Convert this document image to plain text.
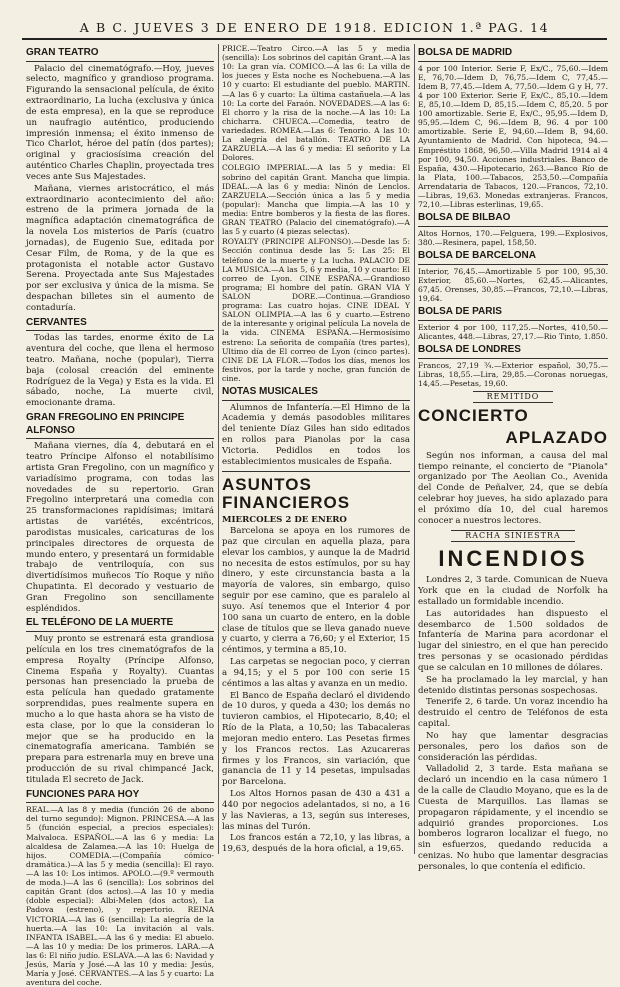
A B C. JUEVES 3 DE ENERO DE 1918. EDICION 1.ª PAG. 14
GRAN TEATRO

Palacio del cinematógrafo.—Hoy, jueves selecto, magnífico y grandioso programa. Figurando la sensacional película, de éxito extraordinario, La lucha (exclusiva y única de esta empresa), en la que se reproduce un naufragio auténtico, produciendo impresión inmensa; el éxito inmenso de Tico Charlot, héroe del patín (dos partes); original y graciosísima creación del auténtico Charles Chaplin, proyectada tres veces ante Sus Majestades.

Mañana, viernes aristocrático, el más extraordinario acontecimiento del año: estreno de la primera jornada de la magnífica adaptación cinematográfica de la novela Los misterios de París (cuatro jornadas), de Eugenio Sue, editada por Cesar Film, de Roma, y de la que es protagonista el notable actor Gustavo Serena. Proyectada ante Sus Majestades por ser exclusiva y única de la misma. Se despachan billetes sin el aumento de contaduría.

CERVANTES

Todas las tardes, enorme éxito de La aventura del coche, que llena el hermoso teatro. Mañana, noche (popular), Tierra baja (colosal creación del eminente Rodríguez de la Vega) y Esta es la vida. El sábado, noche, La muerte civil, emocionante drama.

GRAN FREGOLINO EN PRINCIPE ALFONSO

Mañana viernes, día 4, debutará en el teatro Príncipe Alfonso el notabilísimo artista Gran Fregolino, con un magnífico y variadísimo programa, con todas las novedades de su repertorio. Gran Fregolino interpretará una comedia con 25 transformaciones rapidísimas; imitará artistas de variétés, excéntricos, parodistas musicales, caricaturas de los principales directores de orquesta de mundo entero, y presentará un formidable trabajo de ventriloquía, con sus divertidísimos muñecos Tío Roque y niño Chupatinta. El decorado y vestuario de Gran Fregolino son sencillamente espléndidos.

EL TELÉFONO DE LA MUERTE

Muy pronto se estrenará esta grandiosa película en los tres cinematógrafos de la empresa Royalty (Príncipe Alfonso, Cinema España y Royalty). Cuantas personas han presenciado la prueba de esta película han quedado gratamente sorprendidas, pues realmente supera en mucho a lo que hasta ahora se ha visto de esta clase, por lo que la consideran lo mejor que se ha producido en la cinematografía americana. También se prepara para estrenarla muy en breve una producción de su rival chimpancé Jack, titulada El secreto de Jack.

FUNCIONES PARA HOY

REAL.—A las 8 y media (función 26 de abono del turno segundo): Mignon. PRINCESA.—A las 5 (función especial, a precios especiales): Malvaloca. ESPAÑOL.—A las 6 y media: La alcaldesa de Zalamea.—A las 10: Huelga de hijos. COMEDIA.—(Compañía cómico-dramática.)—A las 5 y media (sencilla): El rayo.—A las 10: Los intimos. APOLO.—(9.º vermouth de moda.)—A las 6 (sencilla): Los sobrinos del capitán Grant (dos actos).—A las 10 y media (doble especial): Albi-Melen (dos actos), La Padova (estreno), y repertorio. REINA VICTORIA.—A las 6 (sencilla): La alegría de la huerta.—A las 10: La invitación al vals. INFANTA ISABEL.—A las 6 y media: El abuelo.—A las 10 y media: De los primeros. LARA.—A las 6: El niño judío. ESLAVA.—A las 6: Navidad y Jesús, María y José.—A las 10 y media: Jesús, María y José. CERVANTES.—A las 5 y cuarto: La aventura del coche.

PRICE.—Teatro Circo.—A las 5 y media (sencilla): Los sobrinos del capitán Grant.—A las 10: La gran vía. COMICO.—A las 6: La villa de los jueces y Esta noche es Nochebuena.—A las 10 y cuarto: El estudiante del pueblo. MARTIN.—A las 6 y cuarto: La última castañuela.—A las 10: La corte del Faraón. NOVEDADES.—A las 6: El chorro y la risa de la noche.—A las 10: La chicharra. CHUECA.—Comedia, teatro de variedades. ROMEA.—Las 6: Tenorio. A las 10: La alegría del batallón. TEATRO DE LA ZARZUELA.—A las 6 y media: El señorito y La Dolores.

COLEGIO IMPERIAL.—A las 5 y media: El sobrino del capitán Grant. Mancha que limpia. IDEAL.—A las 6 y media: Ninón de Lenclos. ZARZUELA.—Sección única a las 5 y media (popular): Mancha que limpia.—A las 10 y media: Entre bomberos y la fiesta de las flores. GRAN TEATRO (Palacio del cinematógrafo).—A las 5 y cuarto (4 piezas selectas).

ROYALTY (PRINCIPE ALFONSO).—Desde las 5: Sección continua desde las 5: Las 25: El teléfono de la muerte y La lucha. PALACIO DE LA MUSICA.—A las 5, 6 y media, 10 y cuarto: El correo de Lyon. CINE ESPAÑA.—Grandioso programa; El hombre del patín. GRAN VIA Y SALON DORE.—Continua.—Grandioso programa: Las cuatro hojas. CINE IDEAL Y SALON OLIMPIA.—A las 6 y cuarto.—Estreno de la interesante y original película La novela de la vida. CINEMA ESPAÑA.—Hermosísimo estreno: La señorita de compañía (tres partes), Ultimo día de El correo de Lyon (cinco partes). CINE DE LA FLOR.—Todos los días, menos los festivos, por la tarde y noche, gran función de cine.

NOTAS MUSICALES

Alumnos de Infantería.—El Himno de la Academia y demás pasodobles militares del teniente Díaz Giles han sido editados en rollos para Pianolas por la casa Victoria. Pedidlos en todos los establecimientos musicales de España.

ASUNTOS FINANCIEROS
MIERCOLES 2 DE ENERO

Barcelona se apoya en los rumores de paz que circulan en aquella plaza, para elevar los cambios, y aunque la de Madrid no necesita de estos estímulos, por su hay dinero, y este circunstancia basta a la mayoría de valores, sin embargo, quiso seguir por ese camino, que es paralelo al suyo. Así tenemos que el Interior 4 por 100 sana un cuarto de entero, en la doble clase de títulos que se lleva ganado nueve y cuarto, y cierra a 76,60; y el Exterior, 15 céntimos, y termina a 85,10.

Las carpetas se negocian poco, y cierran a 94,15; y el 5 por 100 con serie 15 céntimos a las altas y avanza en un medio.

El Banco de España declaró el dividendo de 10 duros, y queda a 430; los demás no tuvieron cambios, el Hipotecario, 8,40; el Río de la Plata, a 10,50; las Tabacaleras mejoran medio entero. Las Pesetas firmes y los Francos rectos. Las Azucareras firmes y los Francos, sin variación, que ganancia de 11 y 14 pesetas, impulsadas por Barcelona.

Los Altos Hornos pasan de 430 a 431 a 440 por negocios adelantados, si no, a 16 y las Navieras, a 13, según sus intereses, las minas del Turón.

Los francos están a 72,10, y las libras, a 19,63, después de la hora oficial, a 19,65.

BOLSA DE MADRID

4 por 100 Interior. Serie F, Ex/C., 75,60.—Idem E, 76,70.—Idem D, 76,75.—Idem C, 77,45.—Idem B, 77,45.—Idem A, 77,50.—Idem G y H, 77. 4 por 100 Exterior. Serie F, Ex/C., 85,10.—Idem E, 85,10.—Idem D, 85,15.—Idem C, 85,20. 5 por 100 amortizable. Serie E, Ex/C., 95,95.—Idem D, 95,95.—Idem C, 96.—Idem B, 96. 4 por 100 amortizable. Serie E, 94,60.—Idem B, 94,60. Ayuntamiento de Madrid. Con hipoteca, 94.—Empréstito 1868, 96,50.—Villa Madrid 1914 al 4 por 100, 94,50. Acciones industriales. Banco de España, 430.—Hipotecario, 263.—Banco Río de la Plata, 100.—Tabacos, 253,50.—Compañía Arrendataria de Tabacos, 120.—Francos, 72,10.—Libras, 19,63. Monedas extranjeras. Francos, 72,10.—Libras esterlinas, 19,65.

BOLSA DE BILBAO

Altos Hornos, 170.—Felguera, 199.—Explosivos, 380.—Resinera, papel, 158,50.

BOLSA DE BARCELONA

Interior, 76,45.—Amortizable 5 por 100, 95,30. Exterior, 85,60.—Nortes, 62,45.—Alicantes, 67,45. Orenses, 30,85.—Francos, 72,10.—Libras, 19,64.

BOLSA DE PARIS

Exterior 4 por 100, 117,25.—Nortes, 410,50.—Alicantes, 448.—Libras, 27,17.—Rio Tinto, 1.850.

BOLSA DE LONDRES

Francos, 27,19 ¾.—Exterior español, 30,75.—Libras, 18,55.—Lira, 29,85.—Coronas noruegas, 14,45.—Pesetas, 19,60.

REMITIDO
CONCIERTO
APLAZADO

Según nos informan, a causa del mal tiempo reinante, el concierto de "Pianola" organizado por The Aeolian Co., Avenida del Conde de Peñalver, 24, que se debía celebrar hoy jueves, ha sido aplazado para el próximo día 10, del cual haremos conocer a nuestros lectores.

RACHA SINIESTRA
INCENDIOS

Londres 2, 3 tarde. Comunican de Nueva York que en la ciudad de Norfolk ha estallado un formidable incendio.

Las autoridades han dispuesto el desembarco de 1.500 soldados de Infantería de Marina para acordonar el lugar del siniestro, en el que han perecido tres personas y se ocasionado pérdidas que se calculan en 10 millones de dólares.

Se ha proclamado la ley marcial, y han detenido distintas personas sospechosas.

Tenerife 2, 6 tarde. Un voraz incendio ha destruido el centro de Teléfonos de esta capital.

No hay que lamentar desgracias personales, pero los daños son de consideración las pérdidas.

Valladolid 2, 3 tarde. Esta mañana se declaró un incendio en la casa número 1 de la calle de Claudio Moyano, que es la de Cuesta de Marquillos. Las llamas se propagaron rápidamente, y el incendio se adquirió grandes proporciones. Los bomberos lograron localizar el fuego, no sin esfuerzos, quedando reducida a cenizas. No hubo que lamentar desgracias personales, lo que contenía el edificio.
